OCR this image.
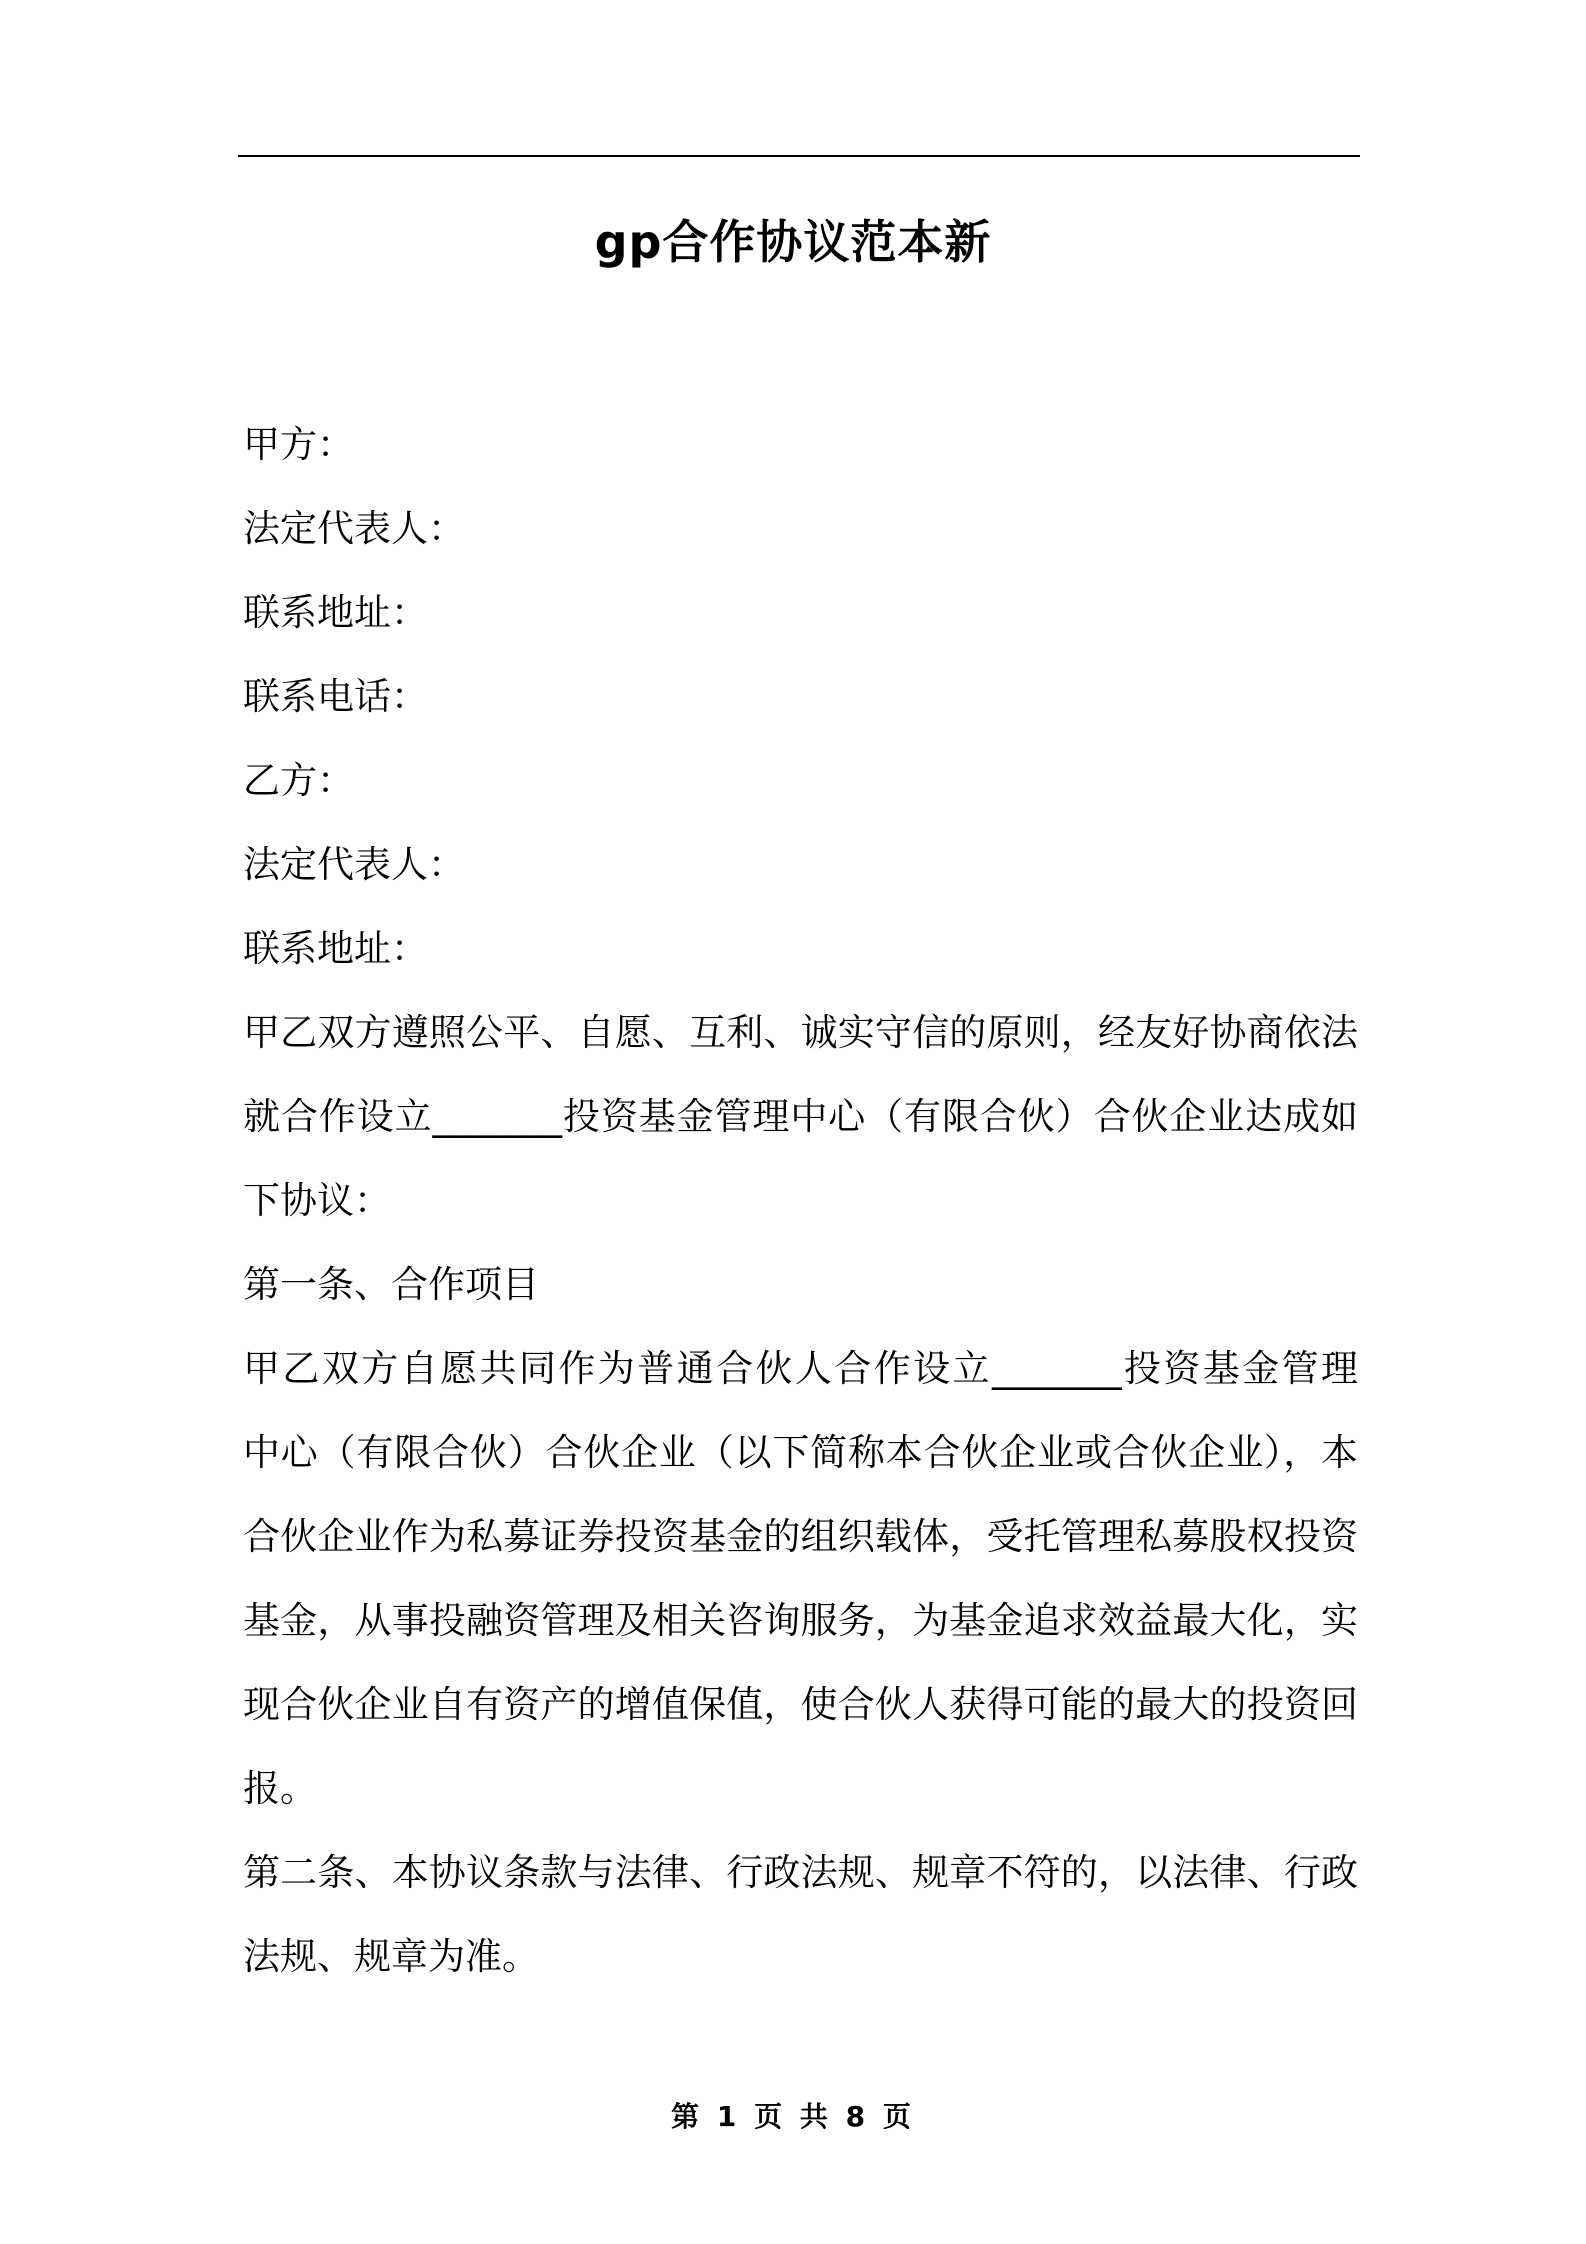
gp合作协议范本新
甲方：
法定代表人：
联系地址：
联系电话：
乙方：
法定代表人：
联系地址：
甲乙双方遵照公平、自愿、互利、诚实守信的原则，经友好协商依法
就合作设立_______投资基金管理中心（有限合伙）合伙企业达成如
下协议：
第一条、合作项目
甲乙双方自愿共同作为普通合伙人合作设立_______投资基金管理
中心（有限合伙）合伙企业（以下简称本合伙企业或合伙企业），本
合伙企业作为私募证券投资基金的组织载体，受托管理私募股权投资
基金，从事投融资管理及相关咨询服务，为基金追求效益最大化，实
现合伙企业自有资产的增值保值，使合伙人获得可能的最大的投资回
报。
第二条、本协议条款与法律、行政法规、规章不符的，以法律、行政
法规、规章为准。
第 1 页 共 8 页
